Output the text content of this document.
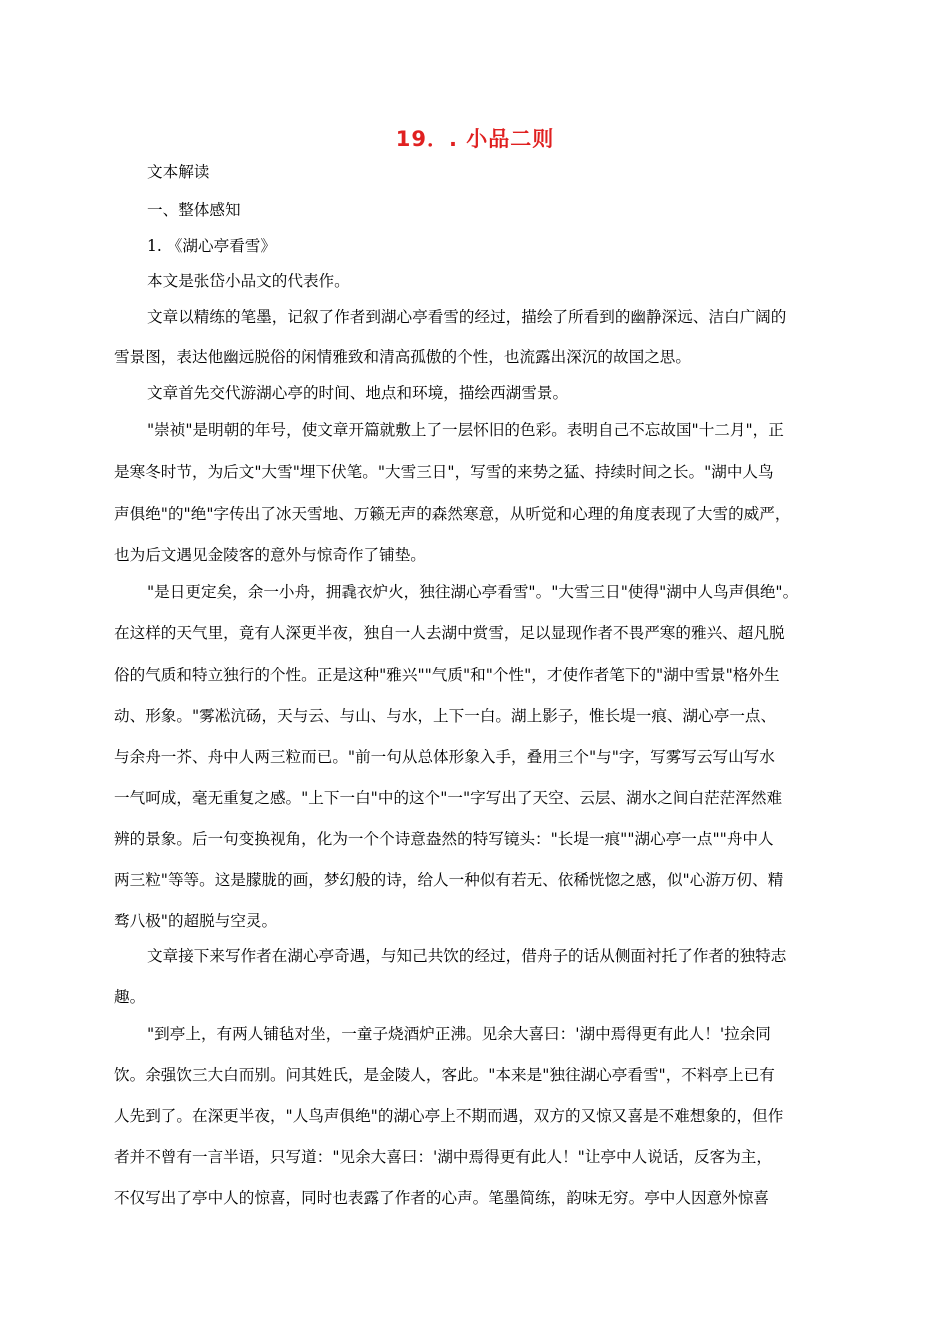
19．. 小品二则
文本解读
一、整体感知
1. 《湖心亭看雪》
本文是张岱小品文的代表作。
文章以精练的笔墨，记叙了作者到湖心亭看雪的经过，描绘了所看到的幽静深远、洁白广阔的
雪景图，表达他幽远脱俗的闲情雅致和清高孤傲的个性，也流露出深沉的故国之思。
文章首先交代游湖心亭的时间、地点和环境，描绘西湖雪景。
"崇祯"是明朝的年号，使文章开篇就敷上了一层怀旧的色彩。表明自己不忘故国"十二月"，正
是寒冬时节，为后文"大雪"埋下伏笔。"大雪三日"，写雪的来势之猛、持续时间之长。"湖中人鸟
声俱绝"的"绝"字传出了冰天雪地、万籁无声的森然寒意，从听觉和心理的角度表现了大雪的威严，
也为后文遇见金陵客的意外与惊奇作了铺垫。
"是日更定矣，余一小舟，拥毳衣炉火，独往湖心亭看雪"。"大雪三日"使得"湖中人鸟声俱绝"。
在这样的天气里，竟有人深更半夜，独自一人去湖中赏雪，足以显现作者不畏严寒的雅兴、超凡脱
俗的气质和特立独行的个性。正是这种"雅兴""气质"和"个性"，才使作者笔下的"湖中雪景"格外生
动、形象。"雾凇沆砀，天与云、与山、与水，上下一白。湖上影子，惟长堤一痕、湖心亭一点、
与余舟一芥、舟中人两三粒而已。"前一句从总体形象入手，叠用三个"与"字，写雾写云写山写水
一气呵成，毫无重复之感。"上下一白"中的这个"一"字写出了天空、云层、湖水之间白茫茫浑然难
辨的景象。后一句变换视角，化为一个个诗意盎然的特写镜头："长堤一痕""湖心亭一点""舟中人
两三粒"等等。这是朦胧的画，梦幻般的诗，给人一种似有若无、依稀恍惚之感，似"心游万仞、精
骛八极"的超脱与空灵。
文章接下来写作者在湖心亭奇遇，与知己共饮的经过，借舟子的话从侧面衬托了作者的独特志
趣。
"到亭上，有两人铺毡对坐，一童子烧酒炉正沸。见余大喜曰：'湖中焉得更有此人！'拉余同
饮。余强饮三大白而别。问其姓氏，是金陵人，客此。"本来是"独往湖心亭看雪"，不料亭上已有
人先到了。在深更半夜，"人鸟声俱绝"的湖心亭上不期而遇，双方的又惊又喜是不难想象的，但作
者并不曾有一言半语，只写道："见余大喜曰：'湖中焉得更有此人！"让亭中人说话，反客为主，
不仅写出了亭中人的惊喜，同时也表露了作者的心声。笔墨简练，韵味无穷。亭中人因意外惊喜
